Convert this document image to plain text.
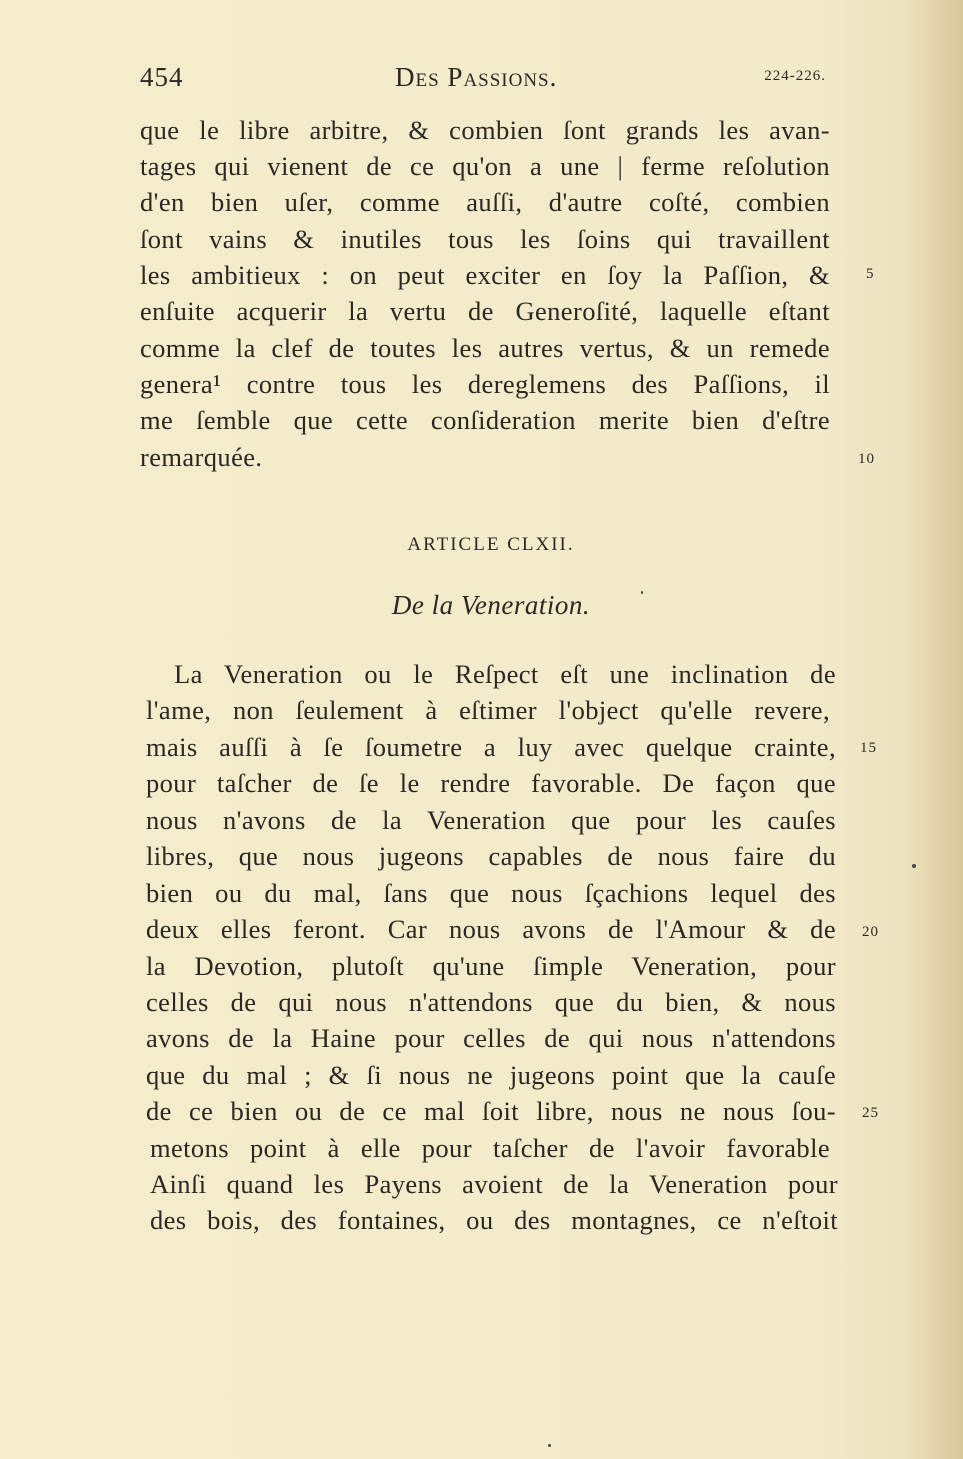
454	Des Passions.	224-226.
que le libre arbitre, & combien ſont grands les avan-
tages qui vienent de ce qu'on a une | ferme reſolution
d'en bien uſer, comme auſſi, d'autre coſté, combien
ſont vains & inutiles tous les ſoins qui travaillent
les ambitieux : on peut exciter en ſoy la Paſſion, &
enſuite acquerir la vertu de Generoſité, laquelle eſtant
comme la clef de toutes les autres vertus, & un remede
genera¹ contre tous les dereglemens des Paſſions, il
me ſemble que cette conſideration merite bien d'eſtre
remarquée.
ARTICLE CLXII.
De la Veneration.
La Veneration ou le Reſpect eſt une inclination de
l'ame, non ſeulement à eſtimer l'object qu'elle revere,
mais auſſi à ſe ſoumetre a luy avec quelque crainte,
pour taſcher de ſe le rendre favorable. De façon que
nous n'avons de la Veneration que pour les cauſes
libres, que nous jugeons capables de nous faire du
bien ou du mal, ſans que nous ſçachions lequel des
deux elles feront. Car nous avons de l'Amour & de
la Devotion, plutoſt qu'une ſimple Veneration, pour
celles de qui nous n'attendons que du bien, & nous
avons de la Haine pour celles de qui nous n'attendons
que du mal ; & ſi nous ne jugeons point que la cauſe
de ce bien ou de ce mal ſoit libre, nous ne nous ſou-
metons point à elle pour taſcher de l'avoir favorable
Ainſi quand les Payens avoient de la Veneration pour
des bois, des fontaines, ou des montagnes, ce n'eſtoit
5
10
15
20
25
